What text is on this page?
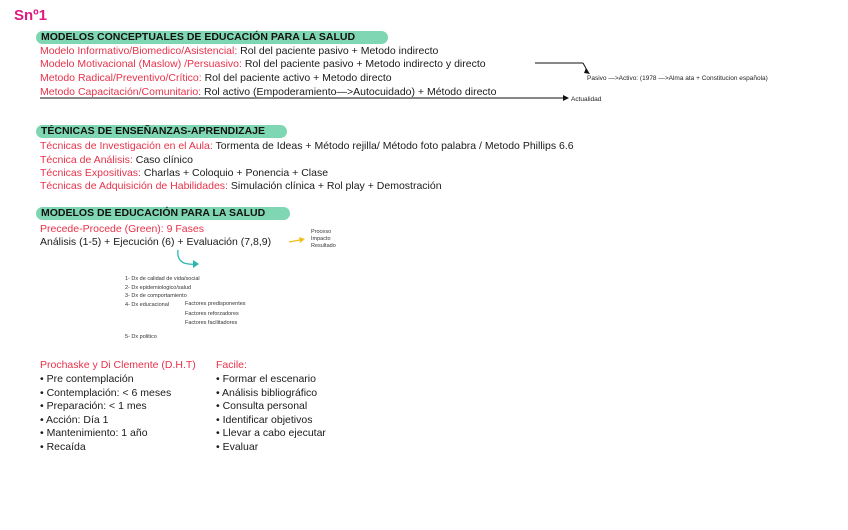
Snº1
MODELOS CONCEPTUALES DE EDUCACIÓN PARA LA SALUD
Modelo Informativo/Biomedico/Asistencial: Rol del paciente pasivo + Metodo indirecto
Modelo Motivacional (Maslow) /Persuasivo: Rol del paciente pasivo + Metodo indirecto y directo
Metodo Radical/Preventivo/Crítico: Rol del paciente activo + Metodo directo
Metodo Capacitación/Comunitario: Rol activo (Empoderamiento—>Autocuidado) + Método directo
Pasivo —>Activo: (1978 —>Alma ata + Constitucion española)
Actualidad
TÉCNICAS DE ENSEÑANZAS-APRENDIZAJE
Técnicas de Investigación en el Aula: Tormenta de Ideas + Método rejilla/ Método foto palabra / Metodo Phillips 6.6
Técnica de Análisis: Caso clínico
Técnicas Expositivas: Charlas + Coloquio + Ponencia + Clase
Técnicas de Adquisición de Habilidades: Simulación clínica + Rol play + Demostración
MODELOS DE EDUCACIÓN PARA LA SALUD
Precede-Procede (Green): 9 Fases
Análisis (1-5) + Ejecución (6) + Evaluación (7,8,9)
Proceso
Impacto
Resultado
1- Dx de calidad de vida/social
2- Dx epidemiologico/salud
3- Dx de comportamiento
4- Dx educacional	Factores predisponentes
Factores reforzadores
Factores facilitadores
5- Dx politico
Prochaske y Di Clemente (D.H.T)
• Pre contemplación
• Contemplación: < 6 meses
• Preparación: < 1 mes
• Acción: Día 1
• Mantenimiento: 1 año
• Recaída
Facile:
• Formar el escenario
• Análisis bibliográfico
• Consulta personal
• Identificar objetivos
• Llevar a cabo ejecutar
• Evaluar
